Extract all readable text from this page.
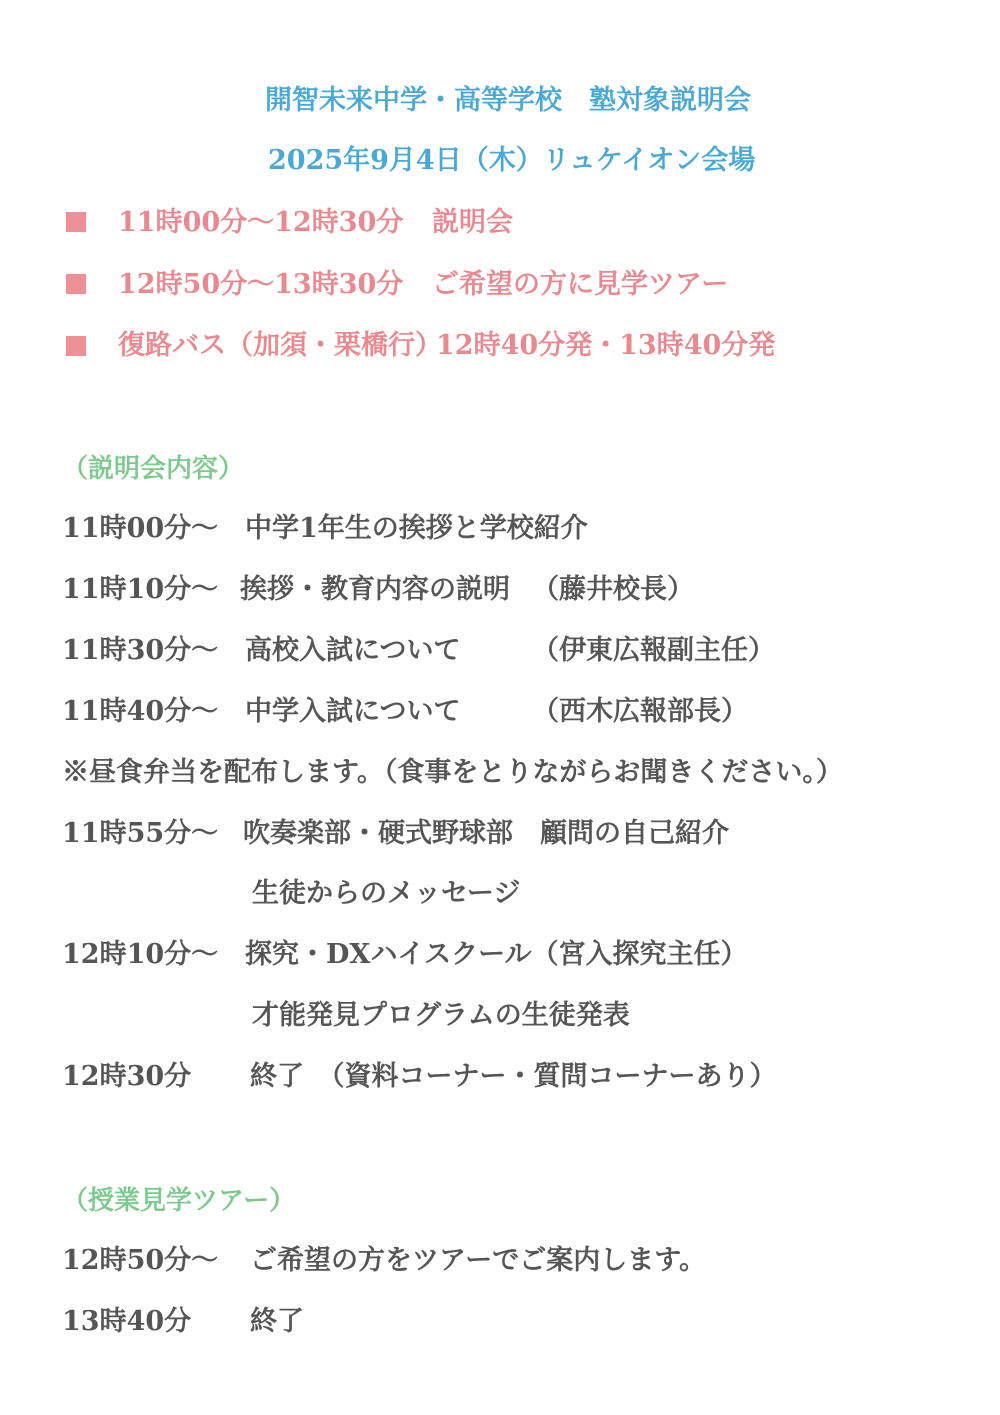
開智未来中学・高等学校　塾対象説明会
2025年9月4日（木）リュケイオン会場
11時00分～12時30分 説明会
12時50分～13時30分 ご希望の方に見学ツアー
復路バス（加須・栗橋行）
12時40分発・13時40分発
（説明会内容）
11時00分～ 中学1年生の挨拶と学校紹介
11時10分～ 挨拶・教育内容の説明 （藤井校長）
11時30分～ 高校入試について	（伊東広報副主任）
11時40分～ 中学入試について	（西木広報部長）
※昼食弁当を配布します。（食事をとりながらお聞きください。）
11時55分～ 吹奏楽部・硬式野球部　顧問の自己紹介
生徒からのメッセージ
12時10分～ 探究・DXハイスクール（宮入探究主任）
才能発見プログラムの生徒発表
12時30分 終了　（資料コーナー・質問コーナーあり）
（授業見学ツアー）
12時50分～ ご希望の方をツアーでご案内します。
13時40分 終了
